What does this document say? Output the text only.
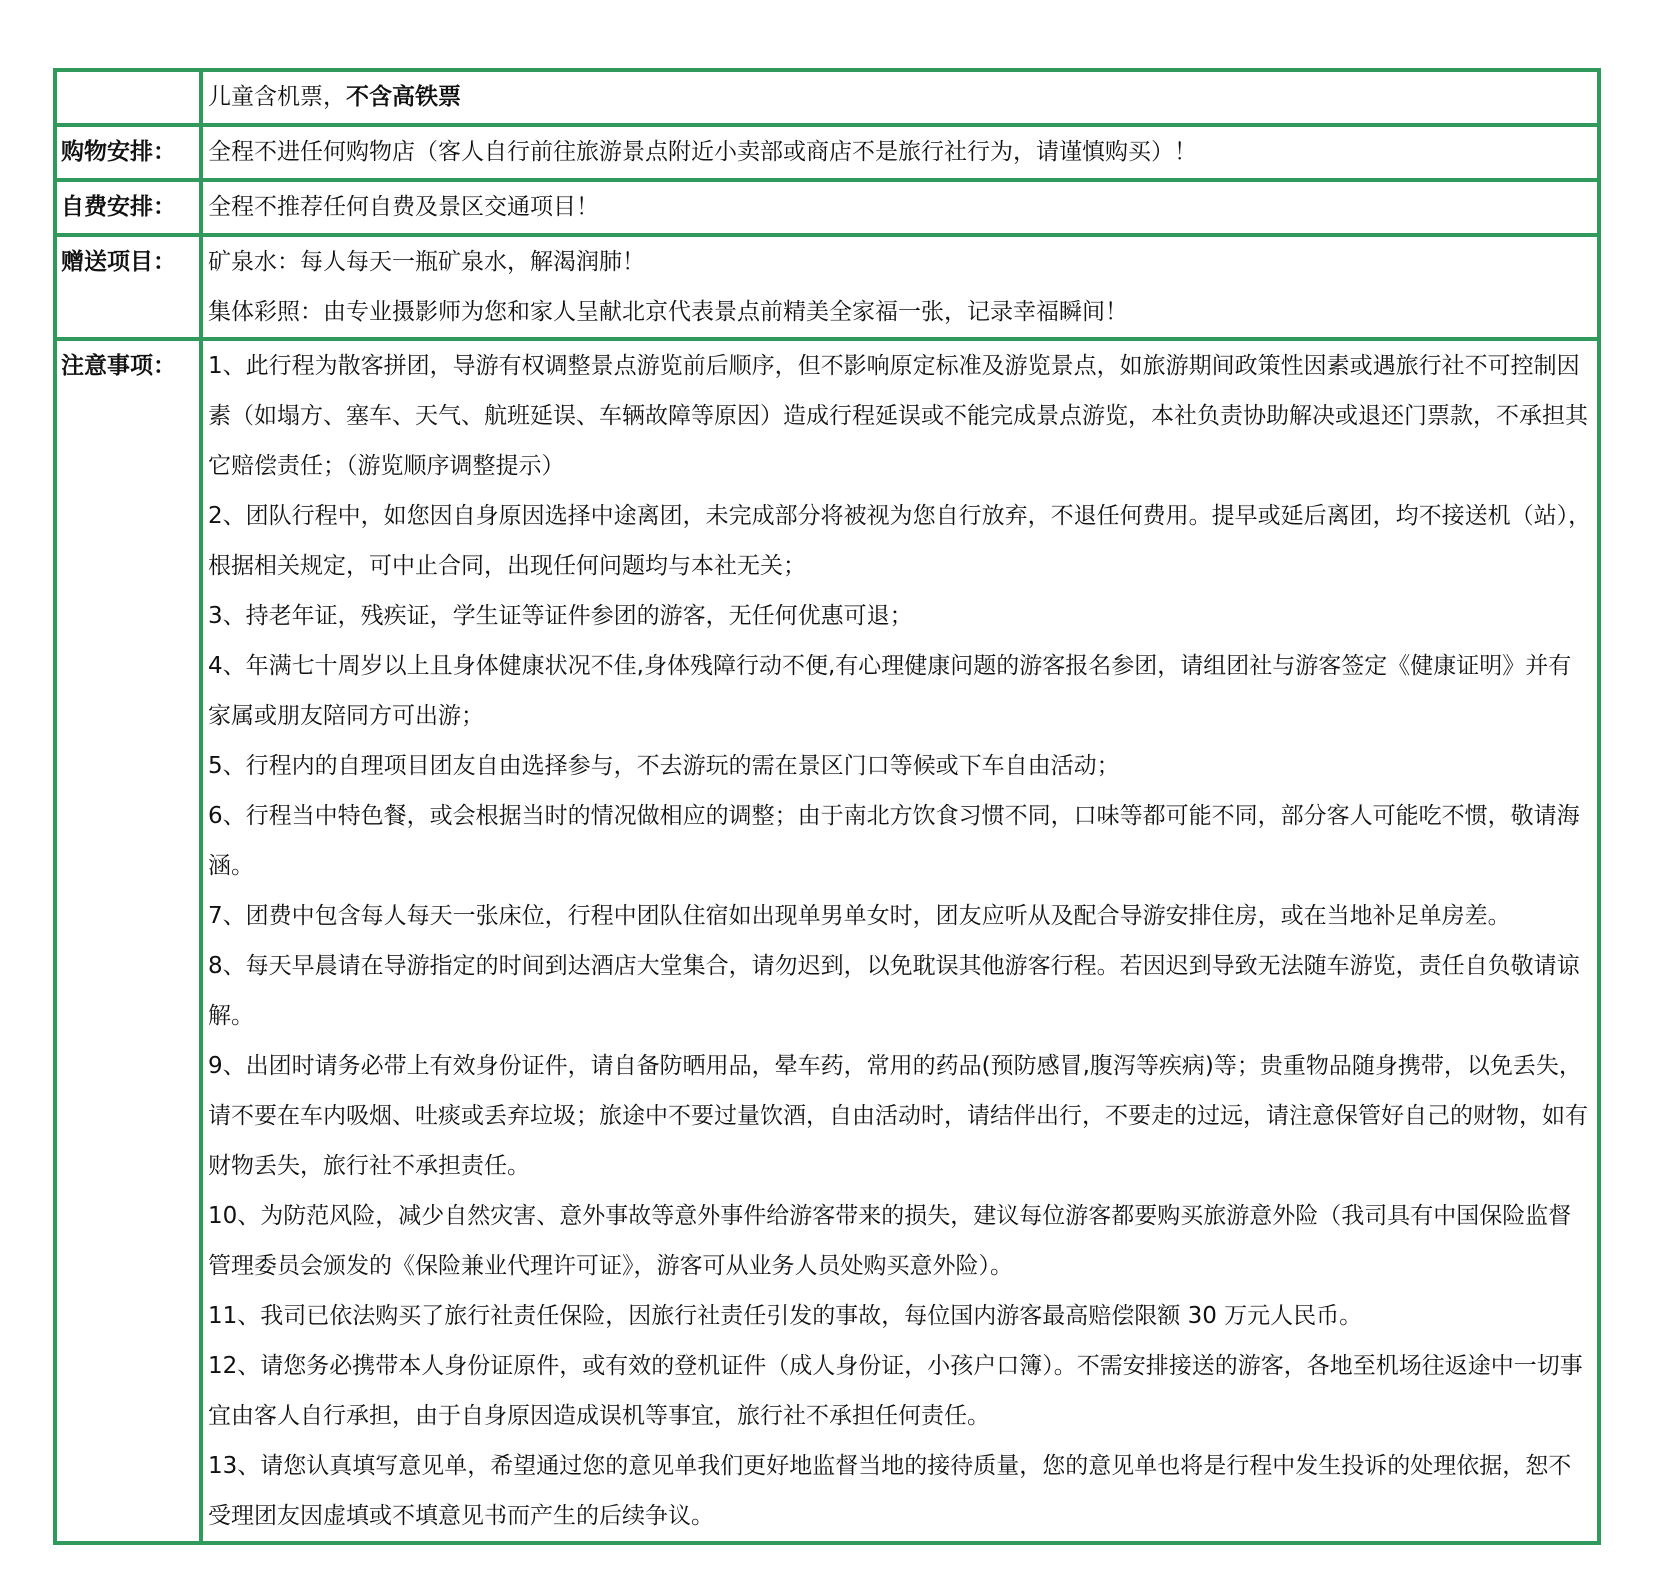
儿童含机票，不含高铁票
购物安排：	全程不进任何购物店（客人自行前往旅游景点附近小卖部或商店不是旅行社行为，请谨慎购买）！

自费安排：	全程不推荐任何自费及景区交通项目！

赠送项目：	矿泉水：每人每天一瓶矿泉水，解渴润肺！

集体彩照：由专业摄影师为您和家人呈献北京代表景点前精美全家福一张，记录幸福瞬间！

注意事项：	1、此行程为散客拼团，导游有权调整景点游览前后顺序，但不影响原定标准及游览景点，如旅游期间政策性因素或遇旅行社不可控制因素（如塌方、塞车、天气、航班延误、车辆故障等原因）造成行程延误或不能完成景点游览，本社负责协助解决或退还门票款，不承担其它赔偿责任；（游览顺序调整提示）

2、团队行程中，如您因自身原因选择中途离团，未完成部分将被视为您自行放弃，不退任何费用。提早或延后离团，均不接送机（站），根据相关规定，可中止合同，出现任何问题均与本社无关；

3、持老年证，残疾证，学生证等证件参团的游客，无任何优惠可退；

4、年满七十周岁以上且身体健康状况不佳,身体残障行动不便,有心理健康问题的游客报名参团，请组团社与游客签定《健康证明》并有家属或朋友陪同方可出游；

5、行程内的自理项目团友自由选择参与，不去游玩的需在景区门口等候或下车自由活动；

6、行程当中特色餐，或会根据当时的情况做相应的调整；由于南北方饮食习惯不同，口味等都可能不同，部分客人可能吃不惯，敬请海涵。

7、团费中包含每人每天一张床位，行程中团队住宿如出现单男单女时，团友应听从及配合导游安排住房，或在当地补足单房差。

8、每天早晨请在导游指定的时间到达酒店大堂集合，请勿迟到，以免耽误其他游客行程。若因迟到导致无法随车游览，责任自负敬请谅解。

9、出团时请务必带上有效身份证件，请自备防晒用品，晕车药，常用的药品(预防感冒,腹泻等疾病)等；贵重物品随身携带，以免丢失，请不要在车内吸烟、吐痰或丢弃垃圾；旅途中不要过量饮酒，自由活动时，请结伴出行，不要走的过远，请注意保管好自己的财物，如有财物丢失，旅行社不承担责任。

10、为防范风险，减少自然灾害、意外事故等意外事件给游客带来的损失，建议每位游客都要购买旅游意外险（我司具有中国保险监督管理委员会颁发的《保险兼业代理许可证》，游客可从业务人员处购买意外险）。

11、我司已依法购买了旅行社责任保险，因旅行社责任引发的事故，每位国内游客最高赔偿限额 30 万元人民币。

12、请您务必携带本人身份证原件，或有效的登机证件（成人身份证，小孩户口簿）。不需安排接送的游客，各地至机场往返途中一切事宜由客人自行承担，由于自身原因造成误机等事宜，旅行社不承担任何责任。

13、请您认真填写意见单，希望通过您的意见单我们更好地监督当地的接待质量，您的意见单也将是行程中发生投诉的处理依据，恕不受理团友因虚填或不填意见书而产生的后续争议。
